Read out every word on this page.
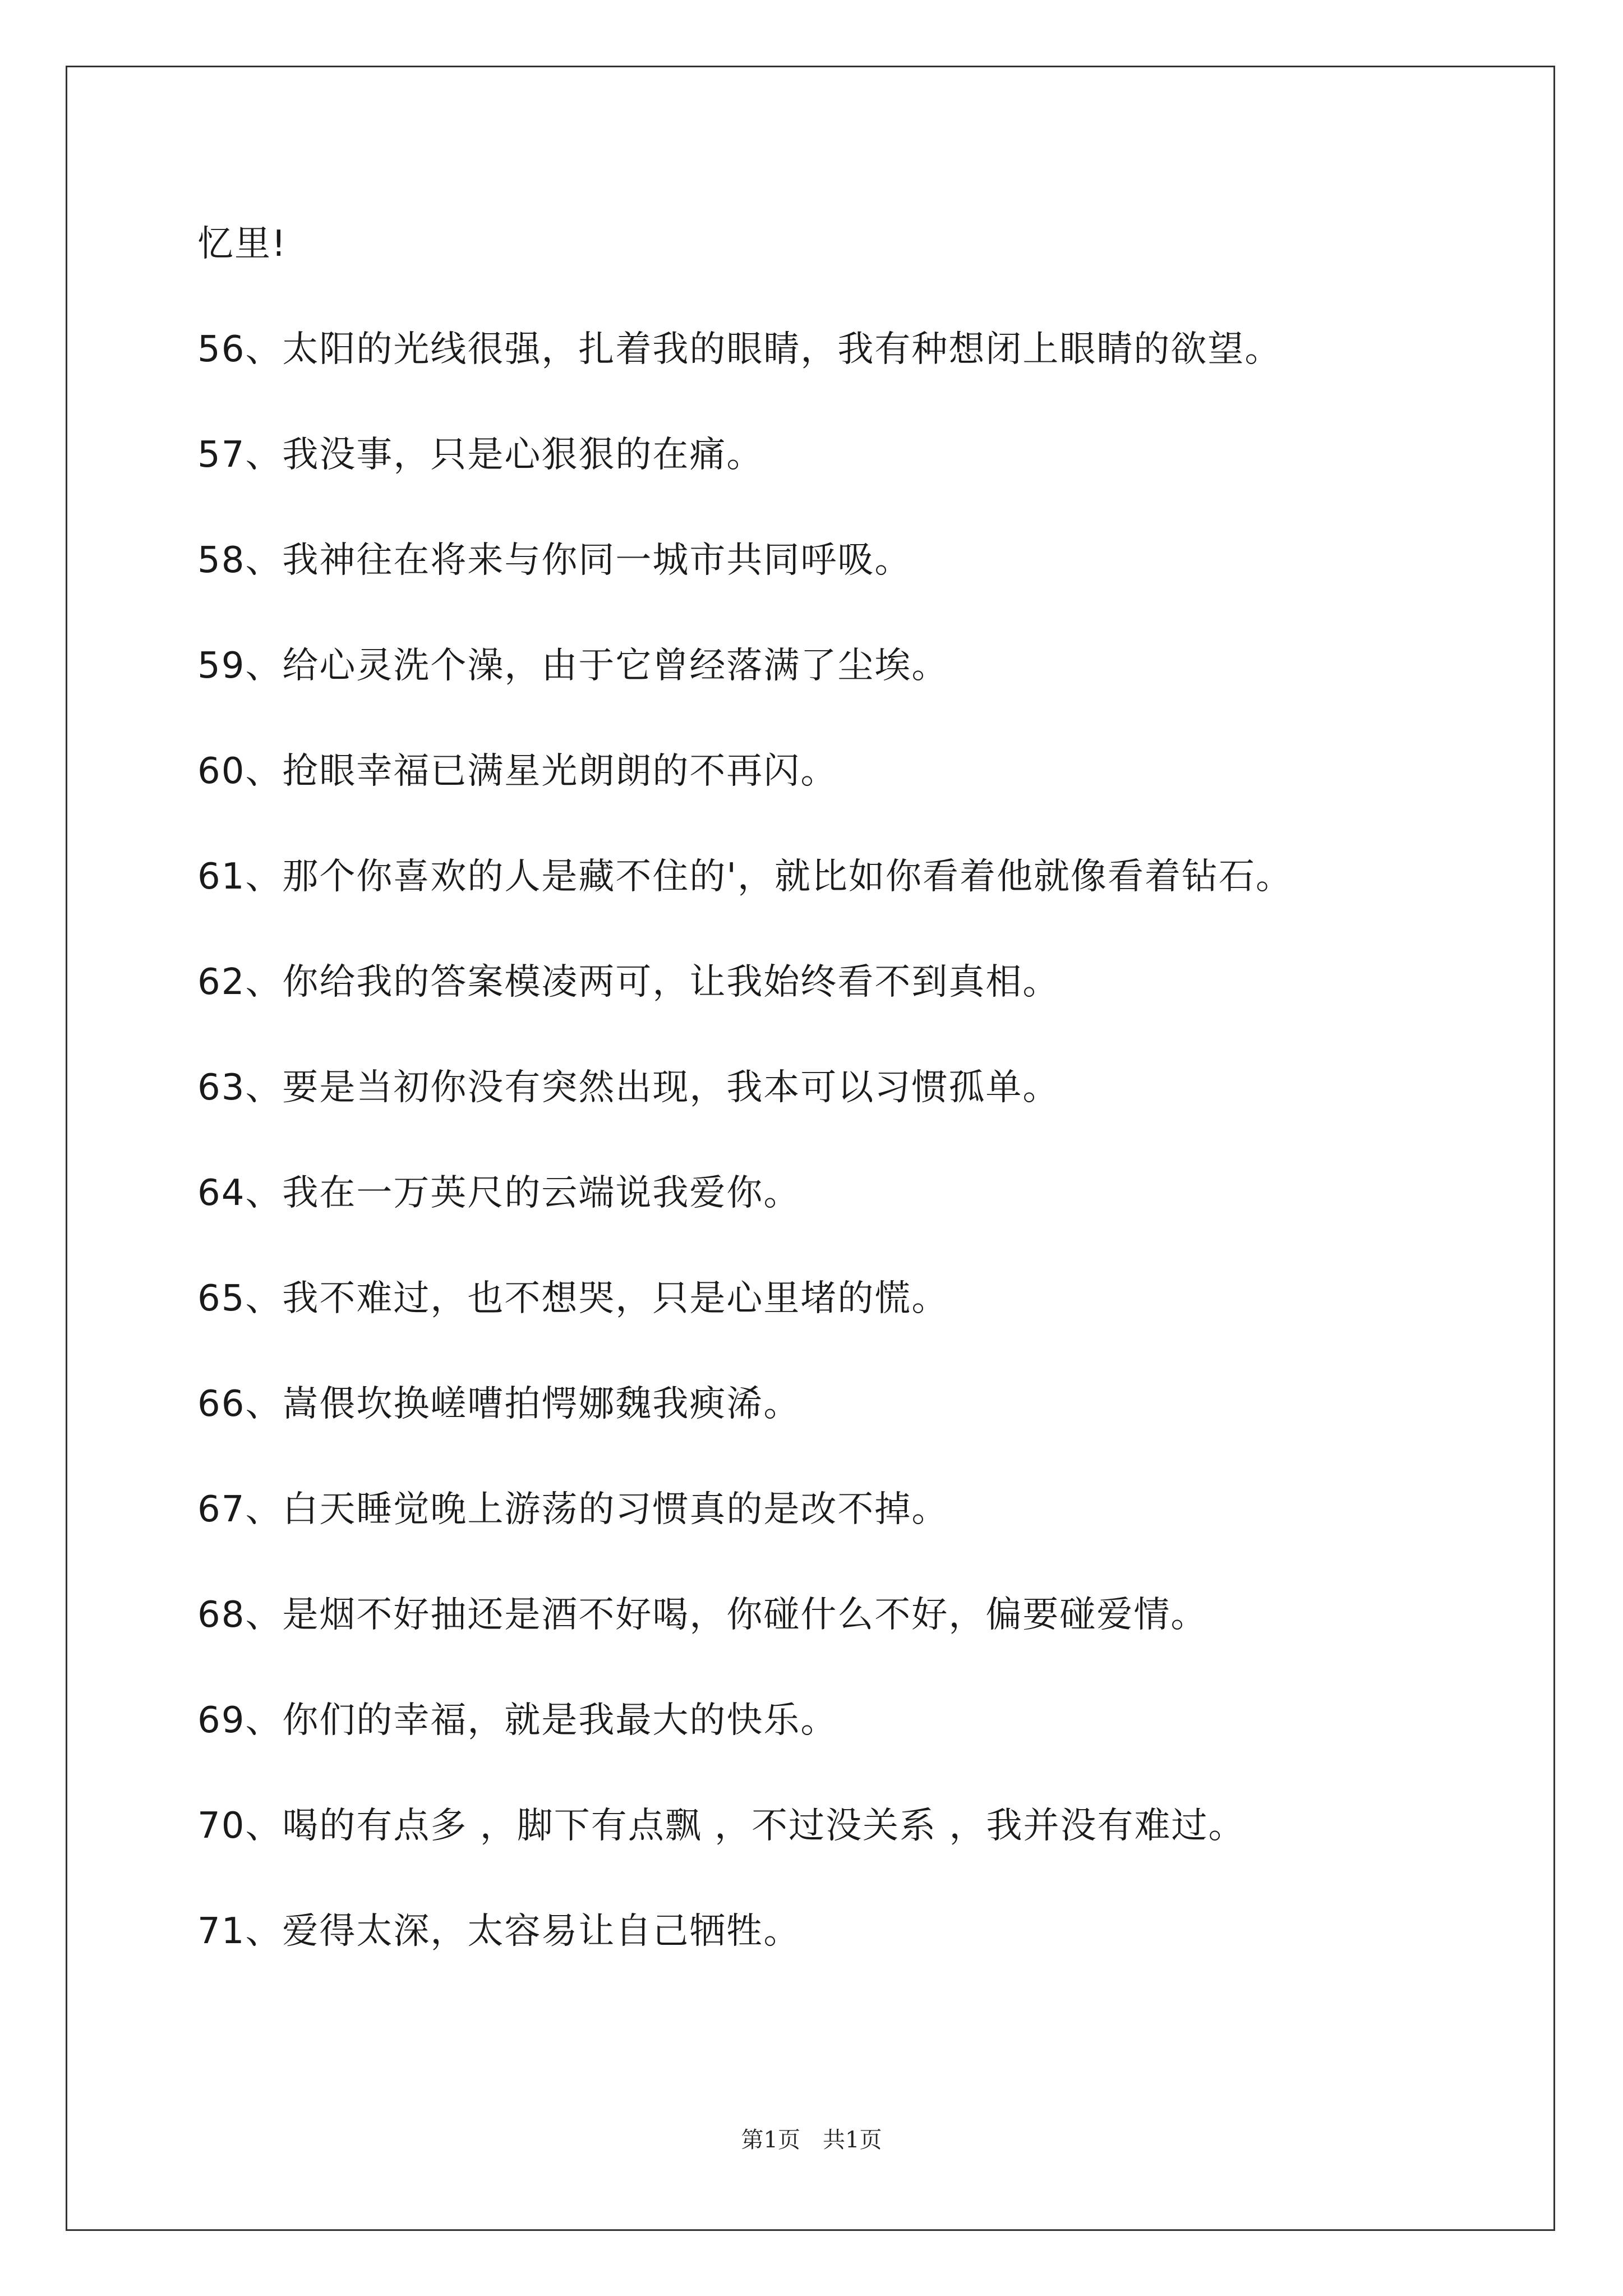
忆里!
56、太阳的光线很强，扎着我的眼睛，我有种想闭上眼睛的欲望。
57、我没事，只是心狠狠的在痛。
58、我神往在将来与你同一城市共同呼吸。
59、给心灵洗个澡，由于它曾经落满了尘埃。
60、抢眼幸福已满星光朗朗的不再闪。
61、那个你喜欢的人是藏不住的'，就比如你看着他就像看着钻石。
62、你给我的答案模凌两可，让我始终看不到真相。
63、要是当初你没有突然出现，我本可以习惯孤单。
64、我在一万英尺的云端说我爱你。
65、我不难过，也不想哭，只是心里堵的慌。
66、嵩偎坎换嵯嘈拍愕娜魏我瘐浠。
67、白天睡觉晚上游荡的习惯真的是改不掉。
68、是烟不好抽还是酒不好喝，你碰什么不好，偏要碰爱情。
69、你们的幸福，就是我最大的快乐。
70、喝的有点多 ，脚下有点飘 ，不过没关系 ，我并没有难过。
71、爱得太深，太容易让自己牺牲。
第1页　共1页
